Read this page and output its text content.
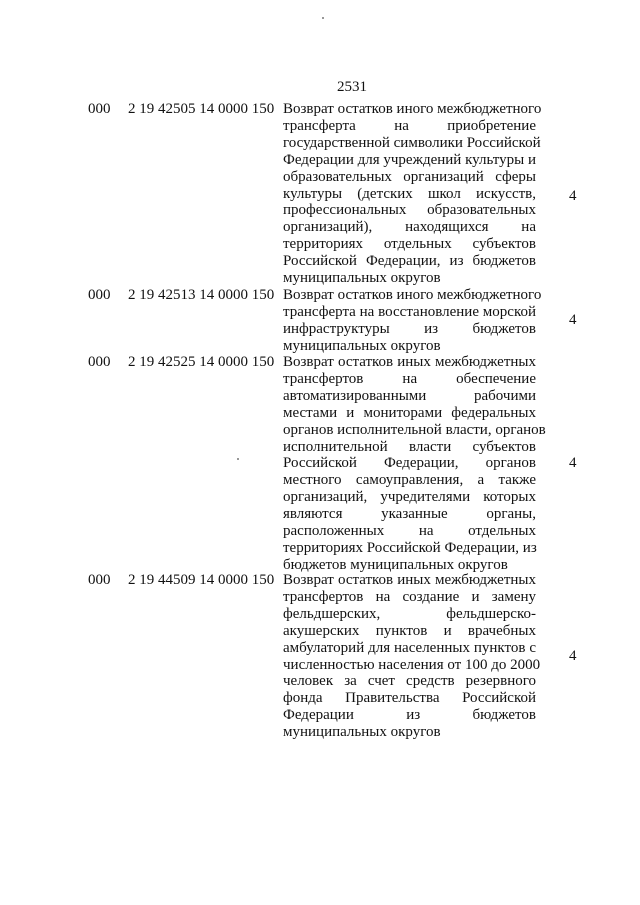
2531
000 2 19 42505 14 0000 150 Возврат остатков иного межбюджетного
трансферта на приобретение
государственной символики Российской
Федерации для учреждений культуры и
образовательных организаций сферы
культуры (детских школ искусств,
профессиональных образовательных
организаций), находящихся на
территориях отдельных субъектов
Российской Федерации, из бюджетов
муниципальных округов
4
000 2 19 42513 14 0000 150 Возврат остатков иного межбюджетного
трансферта на восстановление морской
инфраструктуры из бюджетов
муниципальных округов
4
000 2 19 42525 14 0000 150 Возврат остатков иных межбюджетных
трансфертов на обеспечение
автоматизированными рабочими
местами и мониторами федеральных
органов исполнительной власти, органов
исполнительной власти субъектов
Российской Федерации, органов
местного самоуправления, а также
организаций, учредителями которых
являются указанные органы,
расположенных на отдельных
территориях Российской Федерации, из
бюджетов муниципальных округов
4
000 2 19 44509 14 0000 150 Возврат остатков иных межбюджетных
трансфертов на создание и замену
фельдшерских, фельдшерско-
акушерских пунктов и врачебных
амбулаторий для населенных пунктов с
численностью населения от 100 до 2000
человек за счет средств резервного
фонда Правительства Российской
Федерации из бюджетов
муниципальных округов
4
